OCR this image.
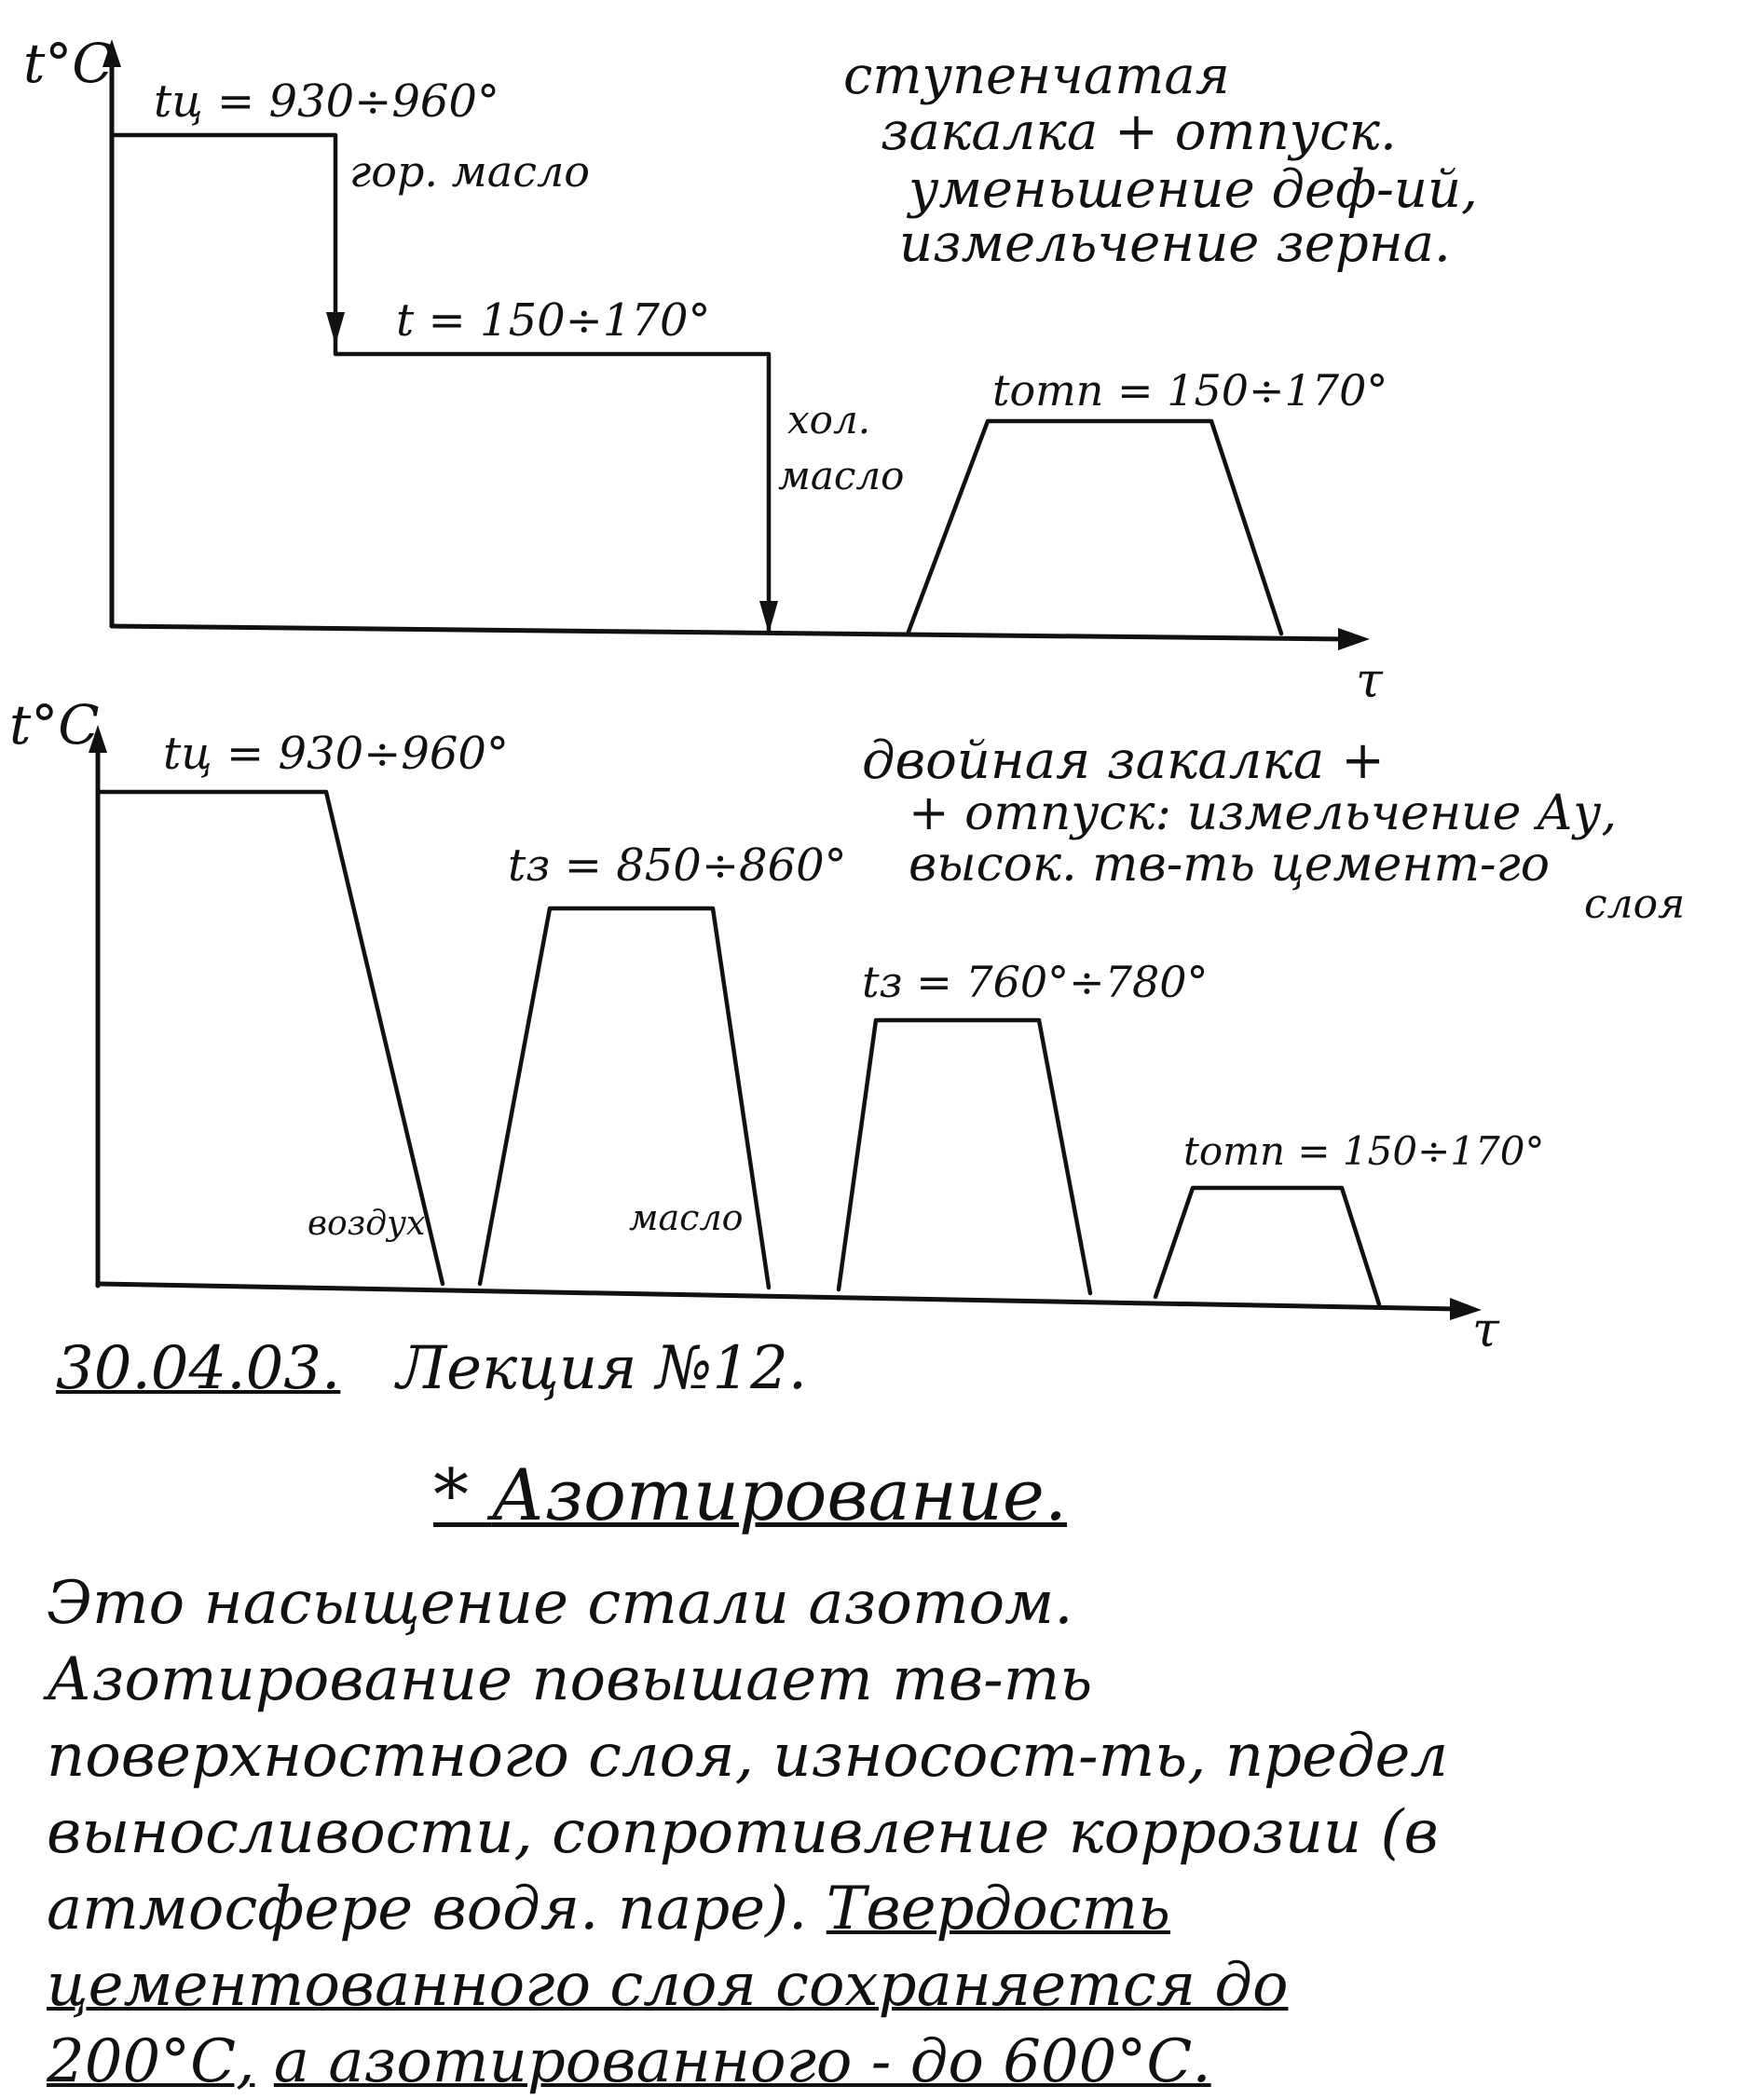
t°C
τ
tц = 930÷960°
гор. масло
t = 150÷170°
хол.
масло
tотп = 150÷170°
ступенчатая
закалка + отпуск.
уменьшение деф-ий,
измельчение зерна.
t°C
τ
tц = 930÷960°
воздух
tз = 850÷860°
масло
tз = 760°÷780°
tотп = 150÷170°
двойная закалка +
+ отпуск: измельчение Ау,
высок. тв-ть цемент-го
слоя
30.04.03. Лекция №12.
* Азотирование.
Это насыщение стали азотом. Азотирование повышает тв-ть поверхностного слоя, износост-ть, предел выносливости, сопротивление коррозии (в атмосфере водя. паре). Твердость цементованного слоя сохраняется до 200°С, а азотированного - до 600°С.
